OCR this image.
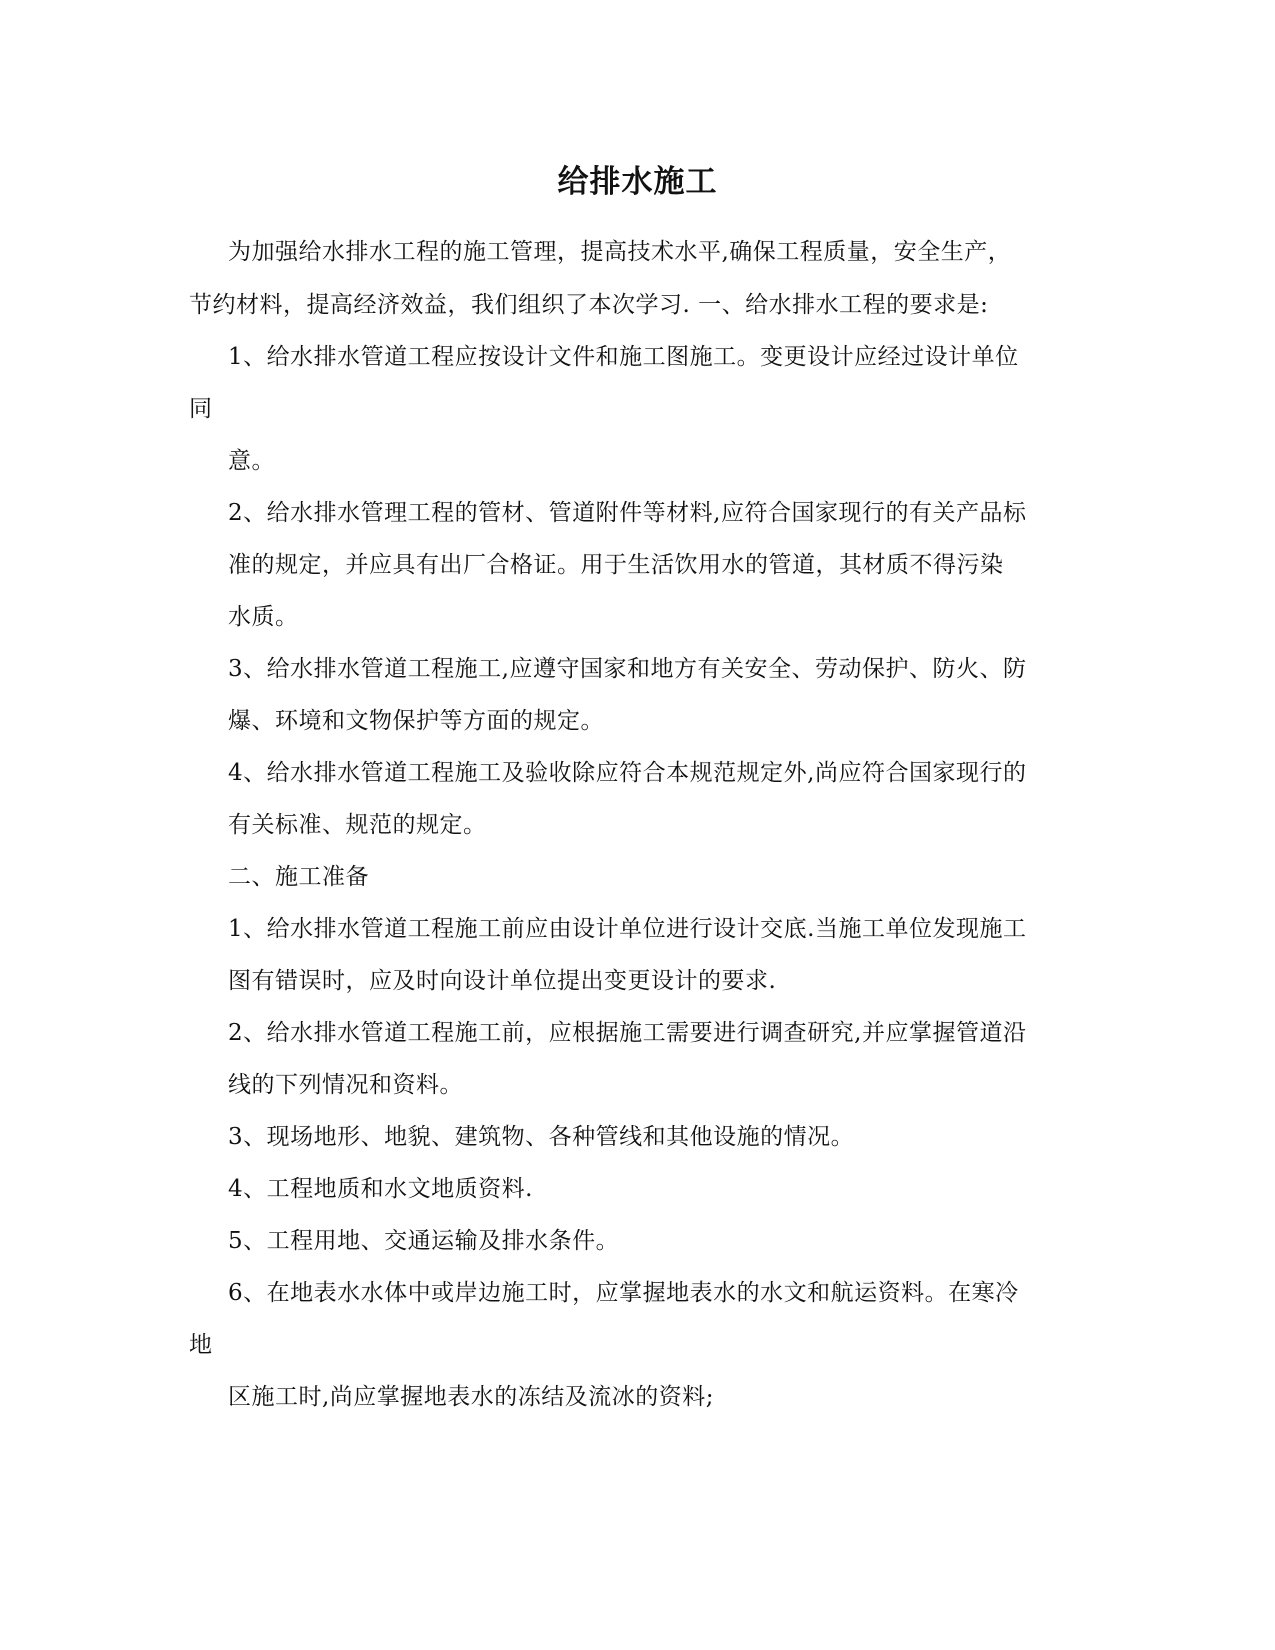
给排水施工
为加强给水排水工程的施工管理，提高技术水平,确保工程质量，安全生产，
节约材料，提高经济效益，我们组织了本次学习. 一、给水排水工程的要求是:
1、给水排水管道工程应按设计文件和施工图施工。变更设计应经过设计单位
同
意。
2、给水排水管理工程的管材、管道附件等材料,应符合国家现行的有关产品标
准的规定，并应具有出厂合格证。用于生活饮用水的管道，其材质不得污染
水质。
3、给水排水管道工程施工,应遵守国家和地方有关安全、劳动保护、防火、防
爆、环境和文物保护等方面的规定。
4、给水排水管道工程施工及验收除应符合本规范规定外,尚应符合国家现行的
有关标准、规范的规定。
二、施工准备
1、给水排水管道工程施工前应由设计单位进行设计交底.当施工单位发现施工
图有错误时，应及时向设计单位提出变更设计的要求.
2、给水排水管道工程施工前，应根据施工需要进行调查研究,并应掌握管道沿
线的下列情况和资料。
3、现场地形、地貌、建筑物、各种管线和其他设施的情况。
4、工程地质和水文地质资料.
5、工程用地、交通运输及排水条件。
6、在地表水水体中或岸边施工时，应掌握地表水的水文和航运资料。在寒冷
地
区施工时,尚应掌握地表水的冻结及流冰的资料;
